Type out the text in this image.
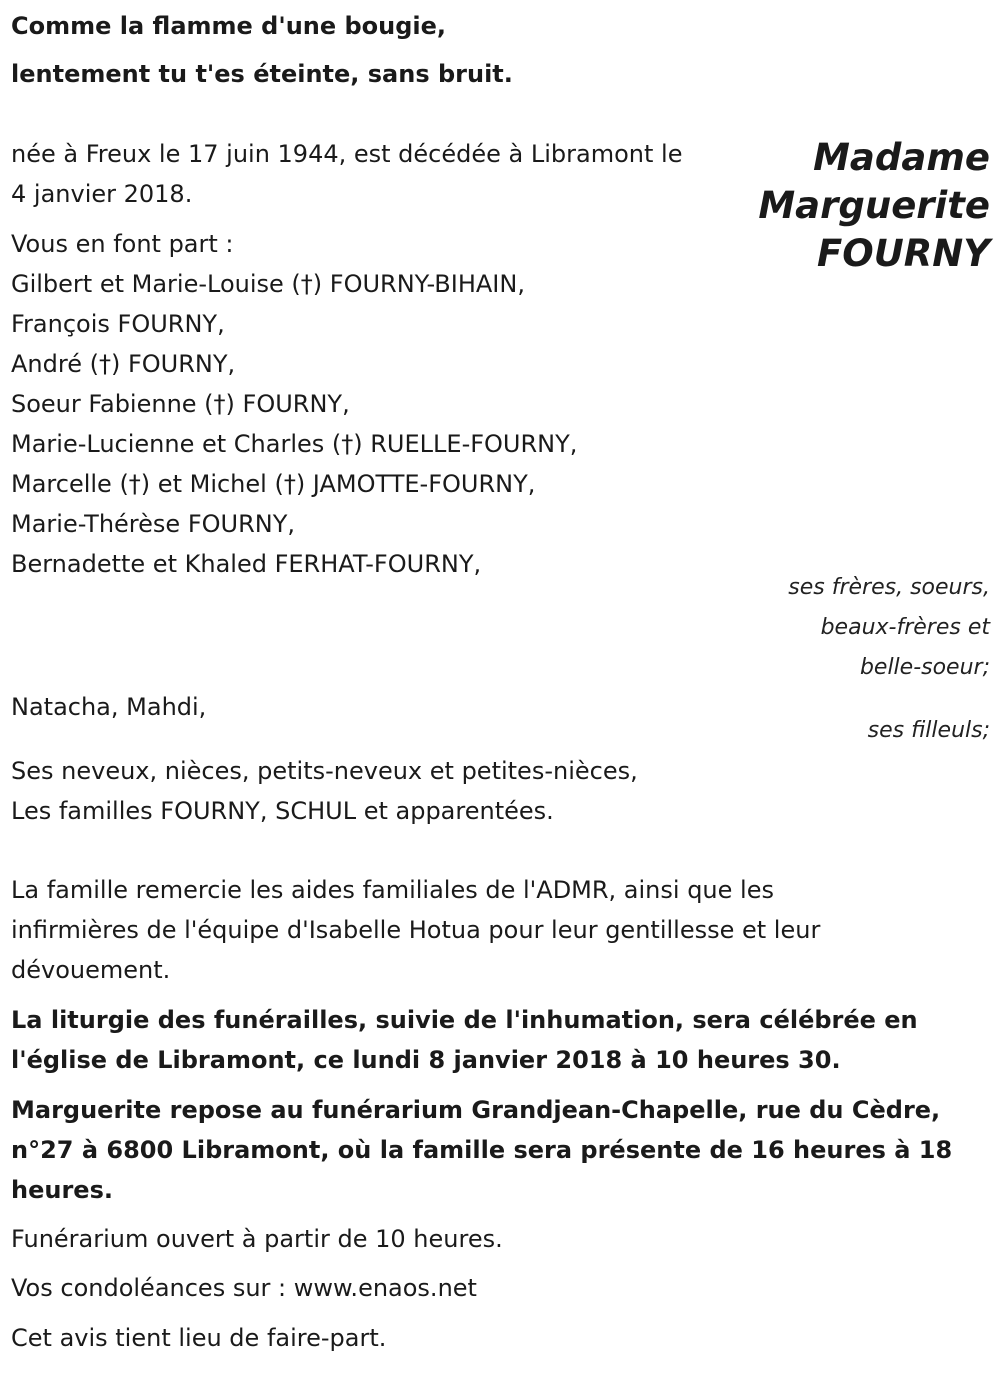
Comme la flamme d'une bougie,
lentement tu t'es éteinte, sans bruit.
Madame
Marguerite
FOURNY
née à Freux le 17 juin 1944, est décédée à Libramont le
4 janvier 2018.
Vous en font part :
Gilbert et Marie-Louise (†) FOURNY-BIHAIN,
François FOURNY,
André (†) FOURNY,
Soeur Fabienne (†) FOURNY,
Marie-Lucienne et Charles (†) RUELLE-FOURNY,
Marcelle (†) et Michel (†) JAMOTTE-FOURNY,
Marie-Thérèse FOURNY,
Bernadette et Khaled FERHAT-FOURNY,
ses frères, soeurs,
beaux-frères et
belle-soeur;
Natacha, Mahdi,
ses filleuls;
Ses neveux, nièces, petits-neveux et petites-nièces,
Les familles FOURNY, SCHUL et apparentées.
La famille remercie les aides familiales de l'ADMR, ainsi que les
infirmières de l'équipe d'Isabelle Hotua pour leur gentillesse et leur
dévouement.
La liturgie des funérailles, suivie de l'inhumation, sera célébrée en
l'église de Libramont, ce lundi 8 janvier 2018 à 10 heures 30.
Marguerite repose au funérarium Grandjean-Chapelle, rue du Cèdre,
n°27 à 6800 Libramont, où la famille sera présente de 16 heures à 18
heures.
Funérarium ouvert à partir de 10 heures.
Vos condoléances sur : www.enaos.net
Cet avis tient lieu de faire-part.
